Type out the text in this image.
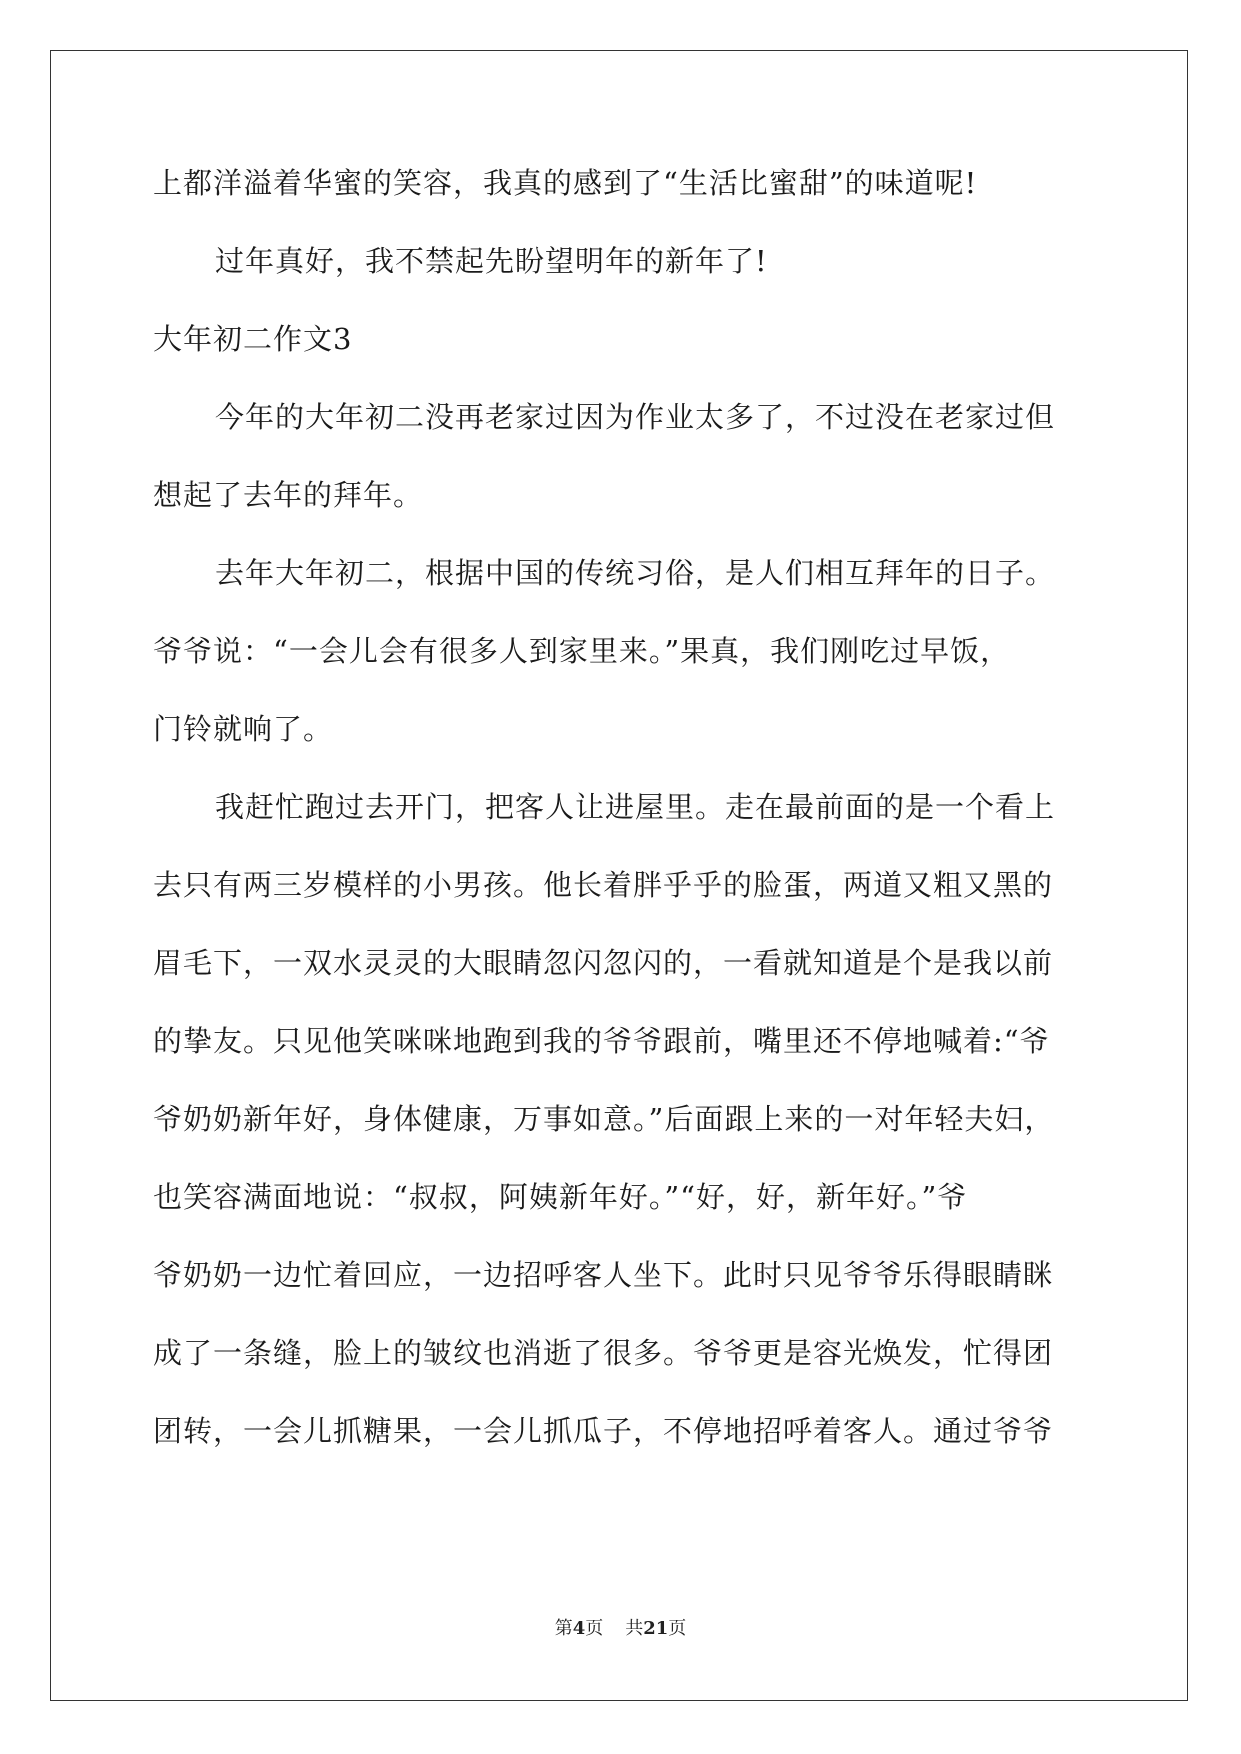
上都洋溢着华蜜的笑容，我真的感到了“生活比蜜甜”的味道呢!
过年真好，我不禁起先盼望明年的新年了!
大年初二作文3
今年的大年初二没再老家过因为作业太多了，不过没在老家过但
想起了去年的拜年。
去年大年初二，根据中国的传统习俗，是人们相互拜年的日子。
爷爷说：“一会儿会有很多人到家里来。”果真，我们刚吃过早饭，
门铃就响了。
我赶忙跑过去开门，把客人让进屋里。走在最前面的是一个看上
去只有两三岁模样的小男孩。他长着胖乎乎的脸蛋，两道又粗又黑的
眉毛下，一双水灵灵的大眼睛忽闪忽闪的，一看就知道是个是我以前
的挚友。只见他笑咪咪地跑到我的爷爷跟前，嘴里还不停地喊着:“爷
爷奶奶新年好，身体健康，万事如意。”后面跟上来的一对年轻夫妇，
也笑容满面地说：“叔叔，阿姨新年好。”“好，好，新年好。”爷
爷奶奶一边忙着回应，一边招呼客人坐下。此时只见爷爷乐得眼睛眯
成了一条缝，脸上的皱纹也消逝了很多。爷爷更是容光焕发，忙得团
团转，一会儿抓糖果，一会儿抓瓜子，不停地招呼着客人。通过爷爷
第4页 共21页
